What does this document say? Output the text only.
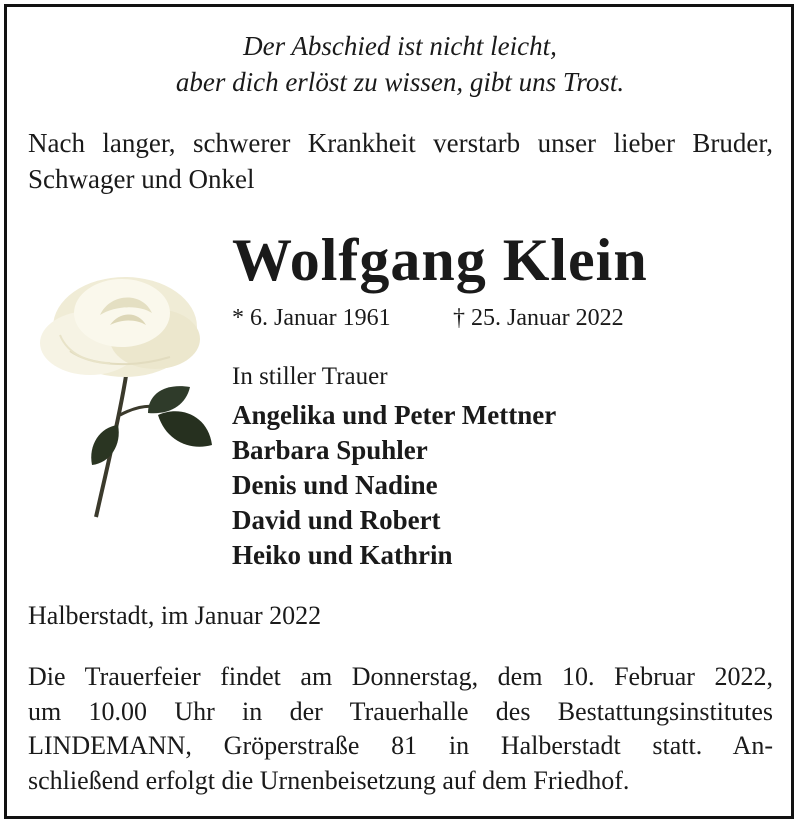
Der Abschied ist nicht leicht,
aber dich erlöst zu wissen, gibt uns Trost.
Nach langer, schwerer Krankheit verstarb unser lieber Bruder, Schwager und Onkel
Wolfgang Klein
* 6. Januar 1961	† 25. Januar 2022
In stiller Trauer
Angelika und Peter Mettner
Barbara Spuhler
Denis und Nadine
David und Robert
Heiko und Kathrin
Halberstadt, im Januar 2022
Die Trauerfeier findet am Donnerstag, dem 10. Februar 2022,
um 10.00 Uhr in der Trauerhalle des Bestattungsinstitutes
LINDEMANN, Gröperstraße 81 in Halberstadt statt. An-
schließend erfolgt die Urnenbeisetzung auf dem Friedhof.
